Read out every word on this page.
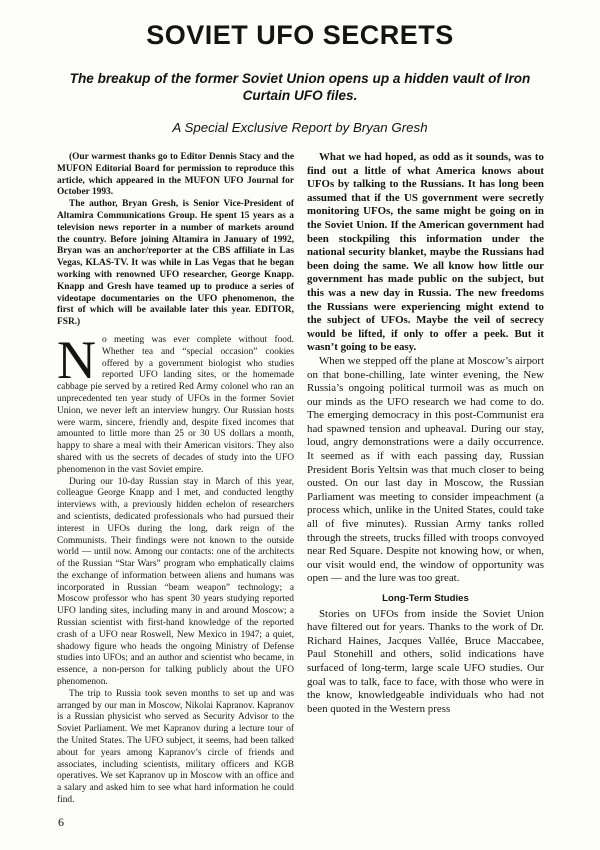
SOVIET UFO SECRETS

The breakup of the former Soviet Union opens up a hidden vault of Iron Curtain UFO files.

A Special Exclusive Report by Bryan Gresh

(Our warmest thanks go to Editor Dennis Stacy and the MUFON Editorial Board for permission to reproduce this article, which appeared in the MUFON UFO Journal for October 1993.

The author, Bryan Gresh, is Senior Vice-President of Altamira Communications Group. He spent 15 years as a television news reporter in a number of markets around the country. Before joining Altamira in January of 1992, Bryan was an anchor/reporter at the CBS affiliate in Las Vegas, KLAS-TV. It was while in Las Vegas that he began working with renowned UFO researcher, George Knapp. Knapp and Gresh have teamed up to produce a series of videotape documentaries on the UFO phenomenon, the first of which will be available later this year. EDITOR, FSR.)

No meeting was ever complete without food. Whether tea and “special occasion” cookies offered by a government biologist who studies reported UFO landing sites, or the homemade cabbage pie served by a retired Red Army colonel who ran an unprecedented ten year study of UFOs in the former Soviet Union, we never left an interview hungry. Our Russian hosts were warm, sincere, friendly and, despite fixed incomes that amounted to little more than 25 or 30 US dollars a month, happy to share a meal with their American visitors. They also shared with us the secrets of decades of study into the UFO phenomenon in the vast Soviet empire.

During our 10-day Russian stay in March of this year, colleague George Knapp and I met, and conducted lengthy interviews with, a previously hidden echelon of researchers and scientists, dedicated professionals who had pursued their interest in UFOs during the long, dark reign of the Communists. Their findings were not known to the outside world — until now. Among our contacts: one of the architects of the Russian “Star Wars” program who emphatically claims the exchange of information between aliens and humans was incorporated in Russian “beam weapon” technology; a Moscow professor who has spent 30 years studying reported UFO landing sites, including many in and around Moscow; a Russian scientist with first-hand knowledge of the reported crash of a UFO near Roswell, New Mexico in 1947; a quiet, shadowy figure who heads the ongoing Ministry of Defense studies into UFOs; and an author and scientist who became, in essence, a non-person for talking publicly about the UFO phenomenon.

The trip to Russia took seven months to set up and was arranged by our man in Moscow, Nikolai Kapranov. Kapranov is a Russian physicist who served as Security Advisor to the Soviet Parliament. We met Kapranov during a lecture tour of the United States. The UFO subject, it seems, had been talked about for years among Kapranov’s circle of friends and associates, including scientists, military officers and KGB operatives. We set Kapranov up in Moscow with an office and a salary and asked him to see what hard information he could find.

What we had hoped, as odd as it sounds, was to find out a little of what America knows about UFOs by talking to the Russians. It has long been assumed that if the US government were secretly monitoring UFOs, the same might be going on in the Soviet Union. If the American government had been stockpiling this information under the national security blanket, maybe the Russians had been doing the same. We all know how little our government has made public on the subject, but this was a new day in Russia. The new freedoms the Russians were experiencing might extend to the subject of UFOs. Maybe the veil of secrecy would be lifted, if only to offer a peek. But it wasn’t going to be easy.

When we stepped off the plane at Moscow’s airport on that bone-chilling, late winter evening, the New Russia’s ongoing political turmoil was as much on our minds as the UFO research we had come to do. The emerging democracy in this post-Communist era had spawned tension and upheaval. During our stay, loud, angry demonstrations were a daily occurrence. It seemed as if with each passing day, Russian President Boris Yeltsin was that much closer to being ousted. On our last day in Moscow, the Russian Parliament was meeting to consider impeachment (a process which, unlike in the United States, could take all of five minutes). Russian Army tanks rolled through the streets, trucks filled with troops convoyed near Red Square. Despite not knowing how, or when, our visit would end, the window of opportunity was open — and the lure was too great.

Long-Term Studies

Stories on UFOs from inside the Soviet Union have filtered out for years. Thanks to the work of Dr. Richard Haines, Jacques Vallée, Bruce Maccabee, Paul Stonehill and others, solid indications have surfaced of long-term, large scale UFO studies. Our goal was to talk, face to face, with those who were in the know, knowledgeable individuals who had not been quoted in the Western press

6
